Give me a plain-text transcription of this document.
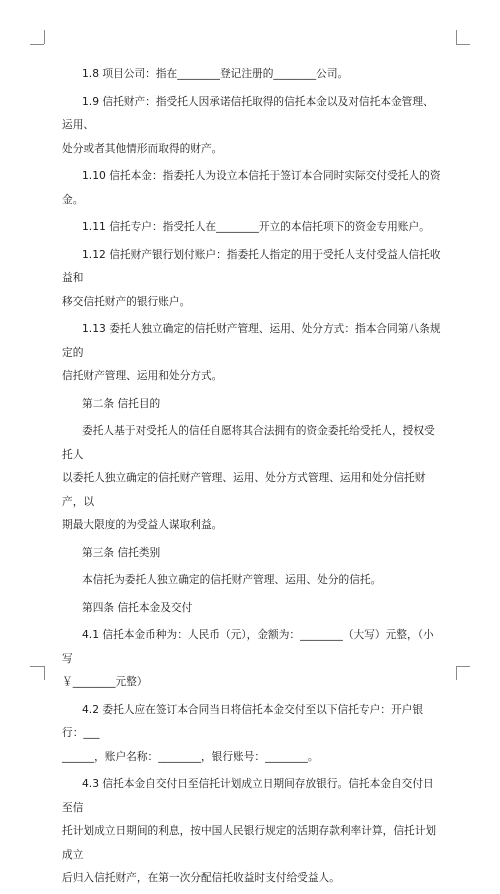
1.8 项目公司：指在________登记注册的________公司。
1.9 信托财产：指受托人因承诺信托取得的信托本金以及对信托本金管理、运用、
处分或者其他情形而取得的财产。
1.10 信托本金：指委托人为设立本信托于签订本合同时实际交付受托人的资金。
1.11 信托专户：指受托人在________开立的本信托项下的资金专用账户。
1.12 信托财产银行划付账户：指委托人指定的用于受托人支付受益人信托收益和
移交信托财产的银行账户。
1.13 委托人独立确定的信托财产管理、运用、处分方式：指本合同第八条规定的
信托财产管理、运用和处分方式。
第二条 信托目的
委托人基于对受托人的信任自愿将其合法拥有的资金委托给受托人，授权受托人
以委托人独立确定的信托财产管理、运用、处分方式管理、运用和处分信托财产，以
期最大限度的为受益人谋取利益。
第三条 信托类别
本信托为委托人独立确定的信托财产管理、运用、处分的信托。
第四条 信托本金及交付
4.1 信托本金币种为：人民币（元），金额为：________（大写）元整，（小写
￥________元整）
4.2 委托人应在签订本合同当日将信托本金交付至以下信托专户：开户银行：___
______，账户名称：________，银行账号：________。
4.3 信托本金自交付日至信托计划成立日期间存放银行。信托本金自交付日至信
托计划成立日期间的利息，按中国人民银行规定的活期存款利率计算，信托计划成立
后归入信托财产，在第一次分配信托收益时支付给受益人。
